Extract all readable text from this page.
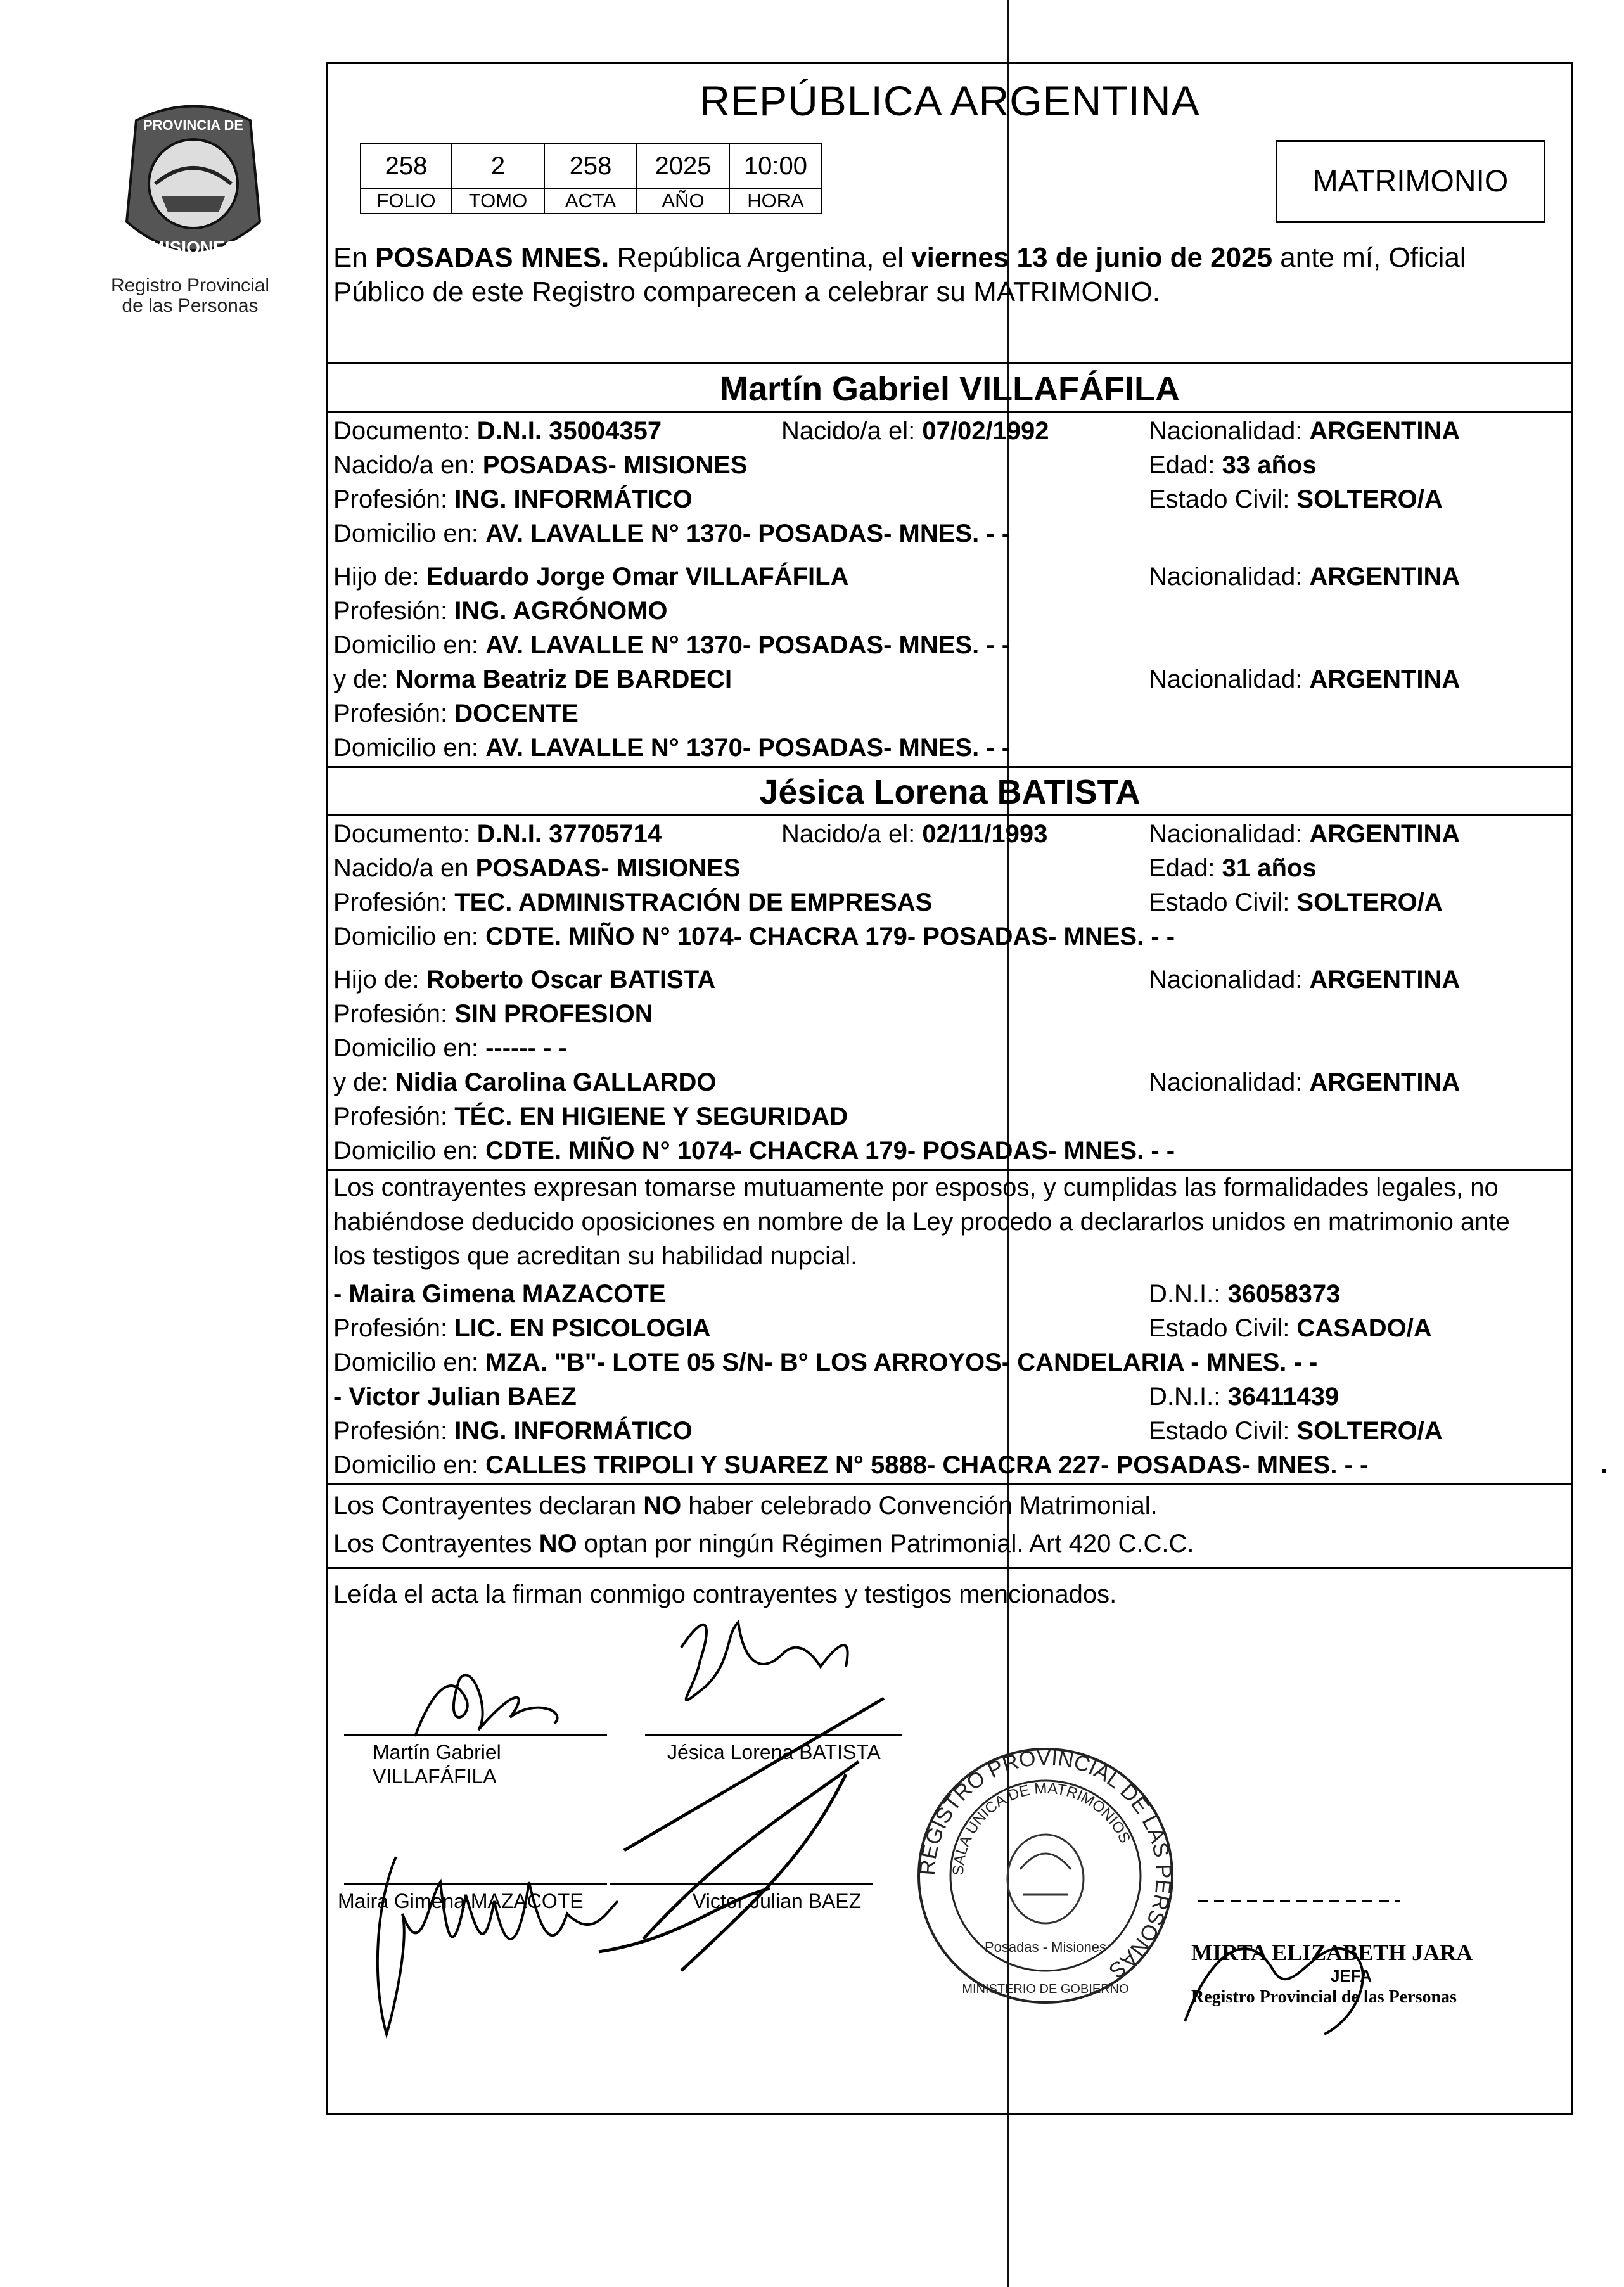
PROVINCIA DE
MISIONES
Registro Provincial
de las Personas
REPÚBLICA ARGENTINA
258	2	258	2025	10:00
FOLIO	TOMO	ACTA	AÑO	HORA
MATRIMONIO
En POSADAS MNES. República Argentina, el viernes 13 de junio de 2025 ante mí, Oficial
Público de este Registro comparecen a celebrar su MATRIMONIO.
Martín Gabriel VILLAFÁFILA
Documento: D.N.I. 35004357	Nacido/a el: 07/02/1992	Nacionalidad: ARGENTINA
Nacido/a en: POSADAS- MISIONES	Edad: 33 años
Profesión: ING. INFORMÁTICO	Estado Civil: SOLTERO/A
Domicilio en: AV. LAVALLE N° 1370- POSADAS- MNES. - -
Hijo de: Eduardo Jorge Omar VILLAFÁFILA	Nacionalidad: ARGENTINA
Profesión: ING. AGRÓNOMO
Domicilio en: AV. LAVALLE N° 1370- POSADAS- MNES. - -
y de: Norma Beatriz DE BARDECI	Nacionalidad: ARGENTINA
Profesión: DOCENTE
Domicilio en: AV. LAVALLE N° 1370- POSADAS- MNES. - -
Jésica Lorena BATISTA
Documento: D.N.I. 37705714	Nacido/a el: 02/11/1993	Nacionalidad: ARGENTINA
Nacido/a en POSADAS- MISIONES	Edad: 31 años
Profesión: TEC. ADMINISTRACIÓN DE EMPRESAS	Estado Civil: SOLTERO/A
Domicilio en: CDTE. MIÑO N° 1074- CHACRA 179- POSADAS- MNES. - -
Hijo de: Roberto Oscar BATISTA	Nacionalidad: ARGENTINA
Profesión: SIN PROFESION
Domicilio en: ------ - -
y de: Nidia Carolina GALLARDO	Nacionalidad: ARGENTINA
Profesión: TÉC. EN HIGIENE Y SEGURIDAD
Domicilio en: CDTE. MIÑO N° 1074- CHACRA 179- POSADAS- MNES. - -
Los contrayentes expresan tomarse mutuamente por esposos, y cumplidas las formalidades legales, no
habiéndose deducido oposiciones en nombre de la Ley procedo a declararlos unidos en matrimonio ante
los testigos que acreditan su habilidad nupcial.
- Maira Gimena MAZACOTE	D.N.I.: 36058373
Profesión: LIC. EN PSICOLOGIA	Estado Civil: CASADO/A
Domicilio en: MZA. "B"- LOTE 05 S/N- B° LOS ARROYOS- CANDELARIA - MNES. - -
- Victor Julian BAEZ	D.N.I.: 36411439
Profesión: ING. INFORMÁTICO	Estado Civil: SOLTERO/A
Domicilio en: CALLES TRIPOLI Y SUAREZ N° 5888- CHACRA 227- POSADAS- MNES. - -
Los Contrayentes declaran NO haber celebrado Convención Matrimonial.
Los Contrayentes NO optan por ningún Régimen Patrimonial. Art 420 C.C.C.
Leída el acta la firman conmigo contrayentes y testigos mencionados.
Martín Gabriel
VILLAFÁFILA
Jésica Lorena BATISTA
Maira Gimena MAZACOTE	Victor Julian BAEZ
REGISTRO PROVINCIAL DE LAS PERSONAS
SALA ÚNICA DE MATRIMONIOS
Posadas - Misiones
MINISTERIO DE GOBIERNO
MIRTA ELIZABETH JARA
JEFA
Registro Provincial de las Personas
